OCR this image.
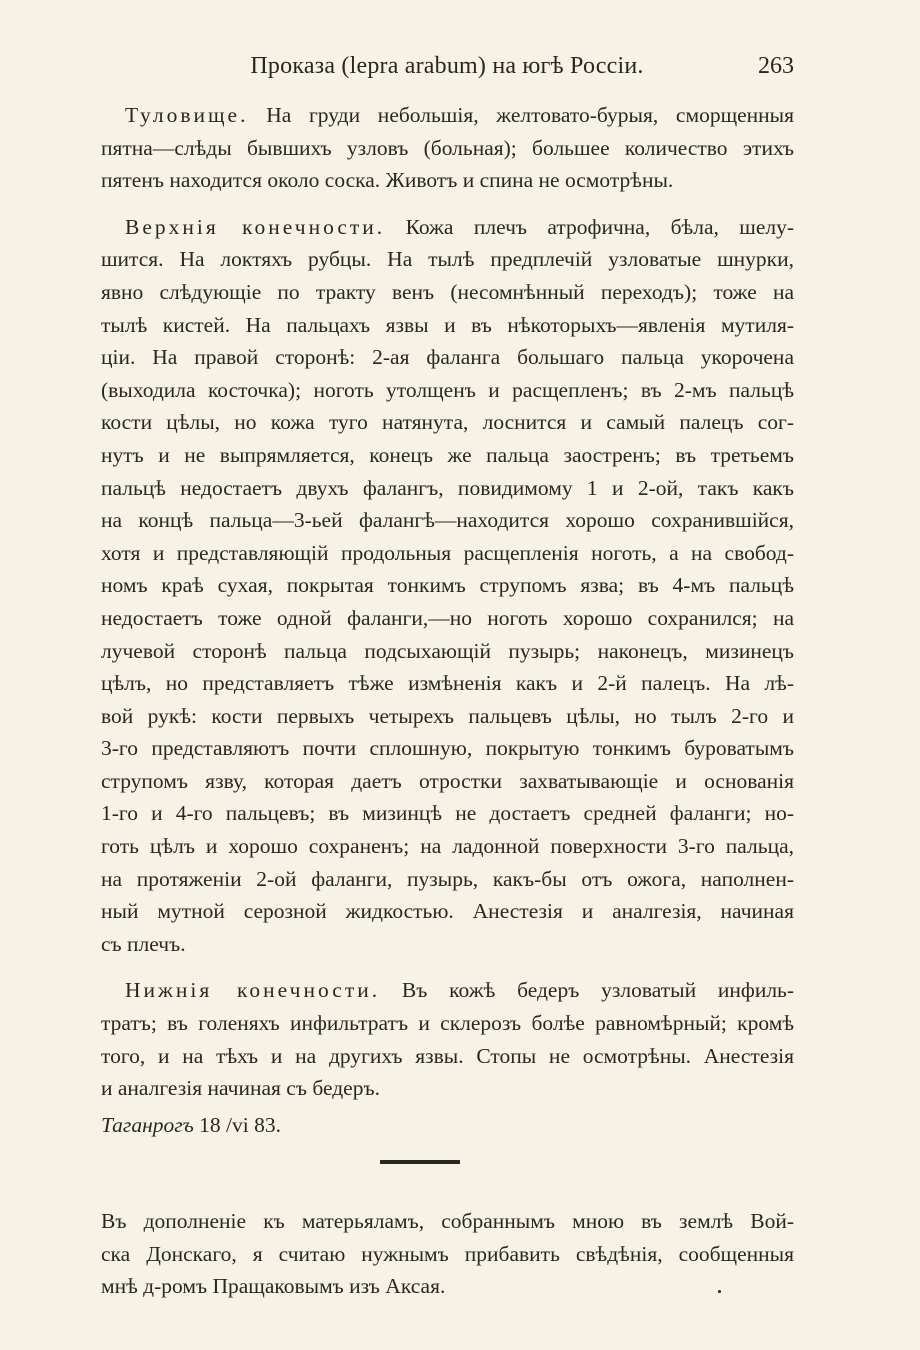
Проказа (lерrа arаbum) на югѣ Россіи.	263
Туловище. На груди небольшія, желтовато-бурыя, сморщенныя
пятна—слѣды бывшихъ узловъ (больная); большее количество этихъ
пятенъ находится около соска. Животъ и спина не осмотрѣны.
Верхнія конечности. Кожа плечъ атрофична, бѣла, шелу-
шится. На локтяхъ рубцы. На тылѣ предплечій узловатые шнурки,
явно слѣдующіе по тракту венъ (несомнѣнный переходъ); тоже на
тылѣ кистей. На пальцахъ язвы и въ нѣкоторыхъ—явленія мутиля-
ціи. На правой сторонѣ: 2-ая фаланга большаго пальца укорочена
(выходила косточка); ноготь утолщенъ и расщепленъ; въ 2-мъ пальцѣ
кости цѣлы, но кожа туго натянута, лоснится и самый палецъ сог-
нутъ и не выпрямляется, конецъ же пальца заостренъ; въ третьемъ
пальцѣ недостаетъ двухъ фалангъ, повидимому 1 и 2-ой, такъ какъ
на концѣ пальца—3-ьей фалангѣ—находится хорошо сохранившійся,
хотя и представляющій продольныя расщепленія ноготь, а на свобод-
номъ краѣ сухая, покрытая тонкимъ струпомъ язва; въ 4-мъ пальцѣ
недостаетъ тоже одной фаланги,—но ноготь хорошо сохранился; на
лучевой сторонѣ пальца подсыхающій пузырь; наконецъ, мизинецъ
цѣлъ, но представляетъ тѣже измѣненія какъ и 2-й палецъ. На лѣ-
вой рукѣ: кости первыхъ четырехъ пальцевъ цѣлы, но тылъ 2-го и
3-го представляютъ почти сплошную, покрытую тонкимъ буроватымъ
струпомъ язву, которая даетъ отростки захватывающіе и основанія
1-го и 4-го пальцевъ; въ мизинцѣ не достаетъ средней фаланги; но-
готь цѣлъ и хорошо сохраненъ; на ладонной поверхности 3-го пальца,
на протяженіи 2-ой фаланги, пузырь, какъ-бы отъ ожога, наполнен-
ный мутной серозной жидкостью. Анестезія и аналгезія, начиная
съ плечъ.
Нижнія конечности. Въ кожѣ бедеръ узловатый инфиль-
тратъ; въ голеняхъ инфильтратъ и склерозъ болѣе равномѣрный; кромѣ
того, и на тѣхъ и на другихъ язвы. Стопы не осмотрѣны. Анестезія
и аналгезія начиная съ бедеръ.
Таганрогъ 18 /vi 83.
Въ дополненіе къ матерьяламъ, собраннымъ мною въ землѣ Вой-
ска Донскаго, я считаю нужнымъ прибавить свѣдѣнія, сообщенныя
мнѣ д-ромъ Пращаковымъ изъ Аксая.
